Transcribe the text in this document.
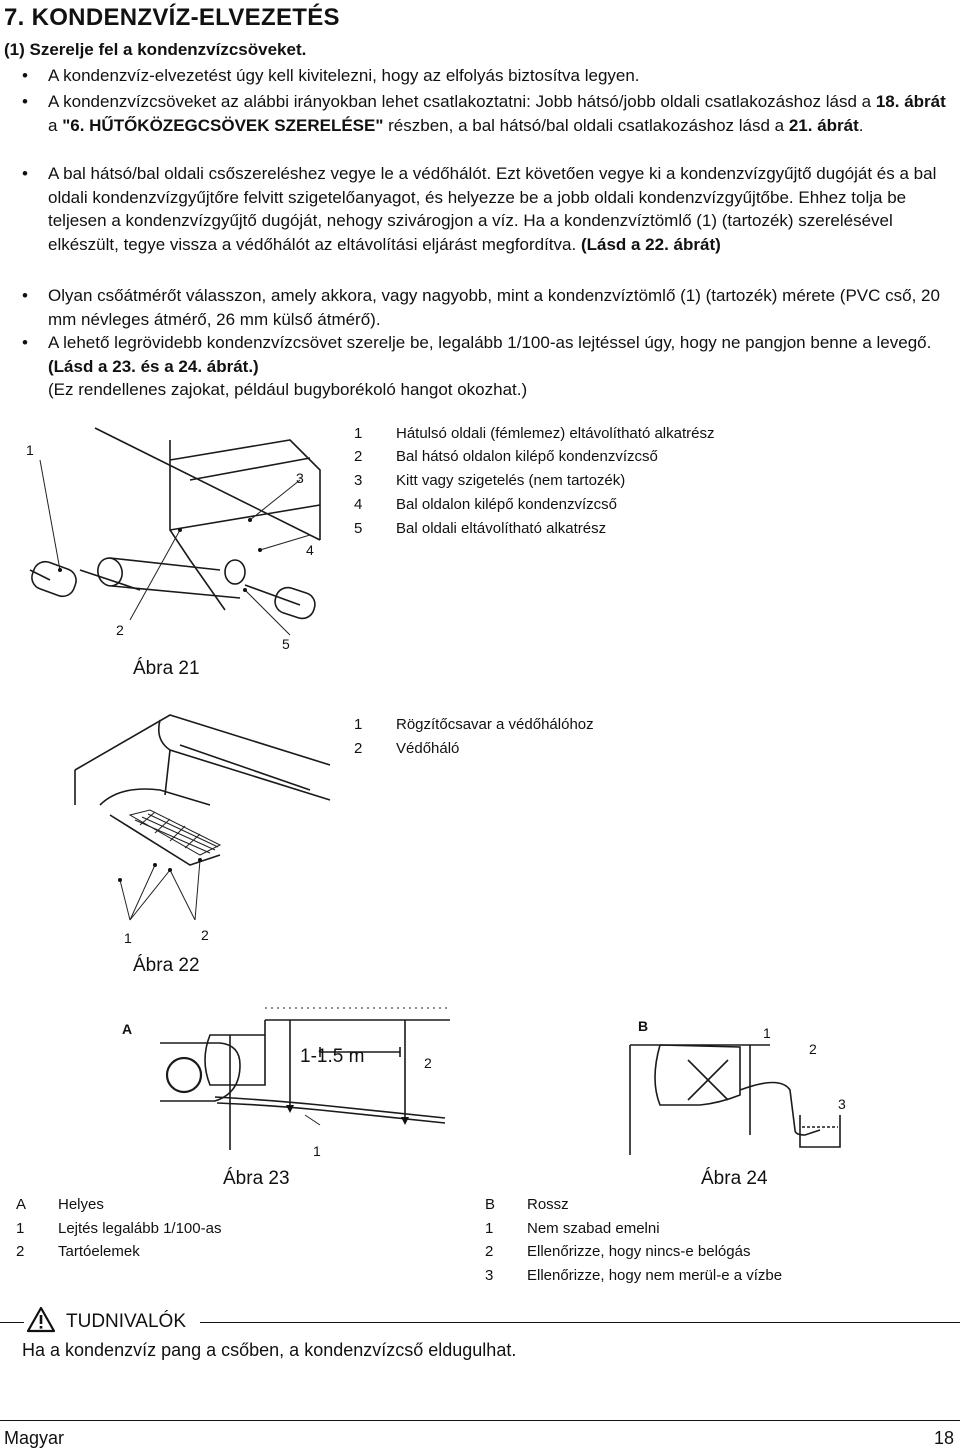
7. KONDENZVÍZ-ELVEZETÉS
(1) Szerelje fel a kondenzvízcsöveket.
• A kondenzvíz-elvezetést úgy kell kivitelezni, hogy az elfolyás biztosítva legyen.
• A kondenzvízcsöveket az alábbi irányokban lehet csatlakoztatni: Jobb hátsó/jobb oldali csatlakozáshoz lásd a 18. ábrát a "6. HŰTŐKÖZEGCSÖVEK SZERELÉSE" részben, a bal hátsó/bal oldali csatlakozáshoz lásd a 21. ábrát.
• A bal hátsó/bal oldali csőszereléshez vegye le a védőhálót. Ezt követően vegye ki a kondenzvízgyűjtő dugóját és a bal oldali kondenzvízgyűjtőre felvitt szigetelőanyagot, és helyezze be a jobb oldali kondenzvízgyűjtőbe. Ehhez tolja be teljesen a kondenzvízgyűjtő dugóját, nehogy szivárogjon a víz. Ha a kondenzvíztömlő (1) (tartozék) szerelésével elkészült, tegye vissza a védőhálót az eltávolítási eljárást megfordítva. (Lásd a 22. ábrát)
• Olyan csőátmérőt válasszon, amely akkora, vagy nagyobb, mint a kondenzvíztömlő (1) (tartozék) mérete (PVC cső, 20 mm névleges átmérő, 26 mm külső átmérő).
• A lehető legrövidebb kondenzvízcsövet szerelje be, legalább 1/100-as lejtéssel úgy, hogy ne pangjon benne a levegő. (Lásd a 23. és a 24. ábrát.)
(Ez rendellenes zajokat, például bugyborékoló hangot okozhat.)
1
2
3
4
5
Ábra 21
1	Hátulsó oldali (fémlemez) eltávolítható alkatrész
2	Bal hátsó oldalon kilépő kondenzvízcső
3	Kitt vagy szigetelés (nem tartozék)
4	Bal oldalon kilépő kondenzvízcső
5	Bal oldali eltávolítható alkatrész
1	2
Ábra 22
1	Rögzítőcsavar a védőhálóhoz
2	Védőháló
A
1-1.5 m	2
1
Ábra 23
B	1
2
3
Ábra 24
A	Helyes
1	Lejtés legalább 1/100-as
2	Tartóelemek
B	Rossz
1	Nem szabad emelni
2	Ellenőrizze, hogy nincs-e belógás
3	Ellenőrizze, hogy nem merül-e a vízbe
TUDNIVALÓK
Ha a kondenzvíz pang a csőben, a kondenzvízcső eldugulhat.
Magyar	18
